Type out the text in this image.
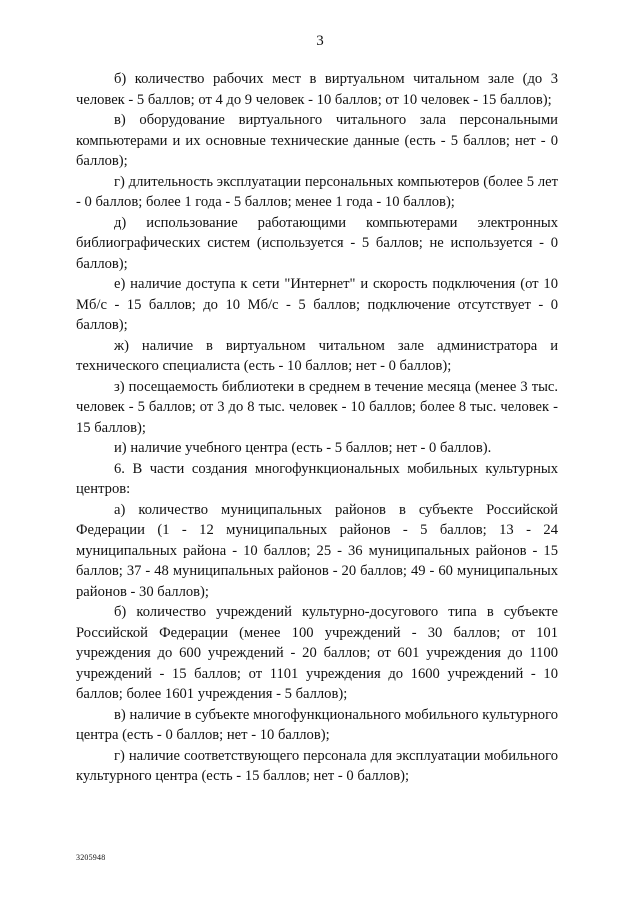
3

б) количество рабочих мест в виртуальном читальном зале (до 3 человек - 5 баллов; от 4 до 9 человек - 10 баллов; от 10 человек - 15 баллов);

в) оборудование виртуального читального зала персональными компьютерами и их основные технические данные (есть - 5 баллов; нет - 0 баллов);

г) длительность эксплуатации персональных компьютеров (более 5 лет - 0 баллов; более 1 года - 5 баллов; менее 1 года - 10 баллов);

д) использование работающими компьютерами электронных библиографических систем (используется - 5 баллов; не используется - 0 баллов);

е) наличие доступа к сети "Интернет" и скорость подключения (от 10 Мб/с - 15 баллов; до 10 Мб/с - 5 баллов; подключение отсутствует - 0 баллов);

ж) наличие в виртуальном читальном зале администратора и технического специалиста (есть - 10 баллов; нет - 0 баллов);

з) посещаемость библиотеки в среднем в течение месяца (менее 3 тыс. человек - 5 баллов; от 3 до 8 тыс. человек - 10 баллов; более 8 тыс. человек - 15 баллов);

и) наличие учебного центра (есть - 5 баллов; нет - 0 баллов).

6. В части создания многофункциональных мобильных культурных центров:

а) количество муниципальных районов в субъекте Российской Федерации (1 - 12 муниципальных районов - 5 баллов; 13 - 24 муниципальных района - 10 баллов; 25 - 36 муниципальных районов - 15 баллов; 37 - 48 муниципальных районов - 20 баллов; 49 - 60 муниципальных районов - 30 баллов);

б) количество учреждений культурно-досугового типа в субъекте Российской Федерации (менее 100 учреждений - 30 баллов; от 101 учреждения до 600 учреждений - 20 баллов; от 601 учреждения до 1100 учреждений - 15 баллов; от 1101 учреждения до 1600 учреждений - 10 баллов; более 1601 учреждения - 5 баллов);

в) наличие в субъекте многофункционального мобильного культурного центра (есть - 0 баллов; нет - 10 баллов);

г) наличие соответствующего персонала для эксплуатации мобильного культурного центра (есть - 15 баллов; нет - 0 баллов);

3205948
